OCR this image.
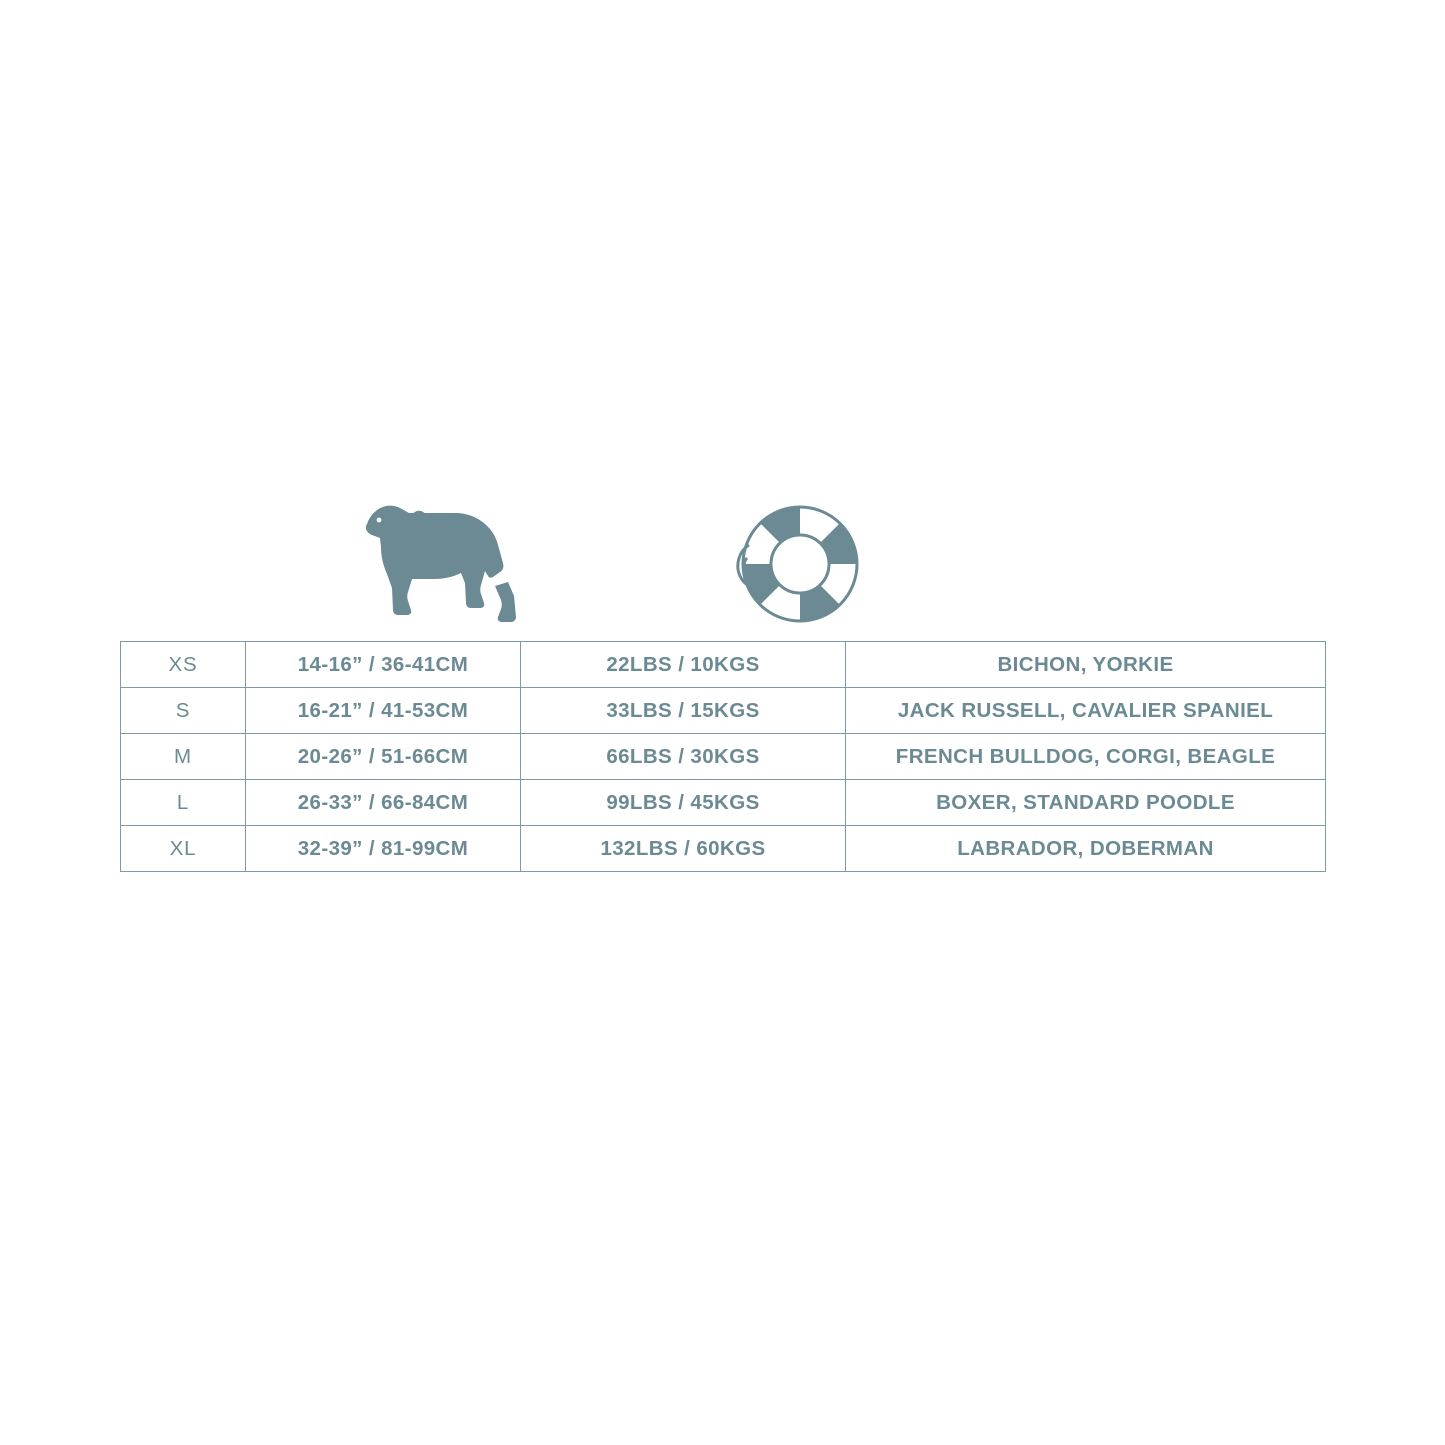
XS	14-16” / 36-41CM	22LBS / 10KGS	BICHON, YORKIE
S	16-21” / 41-53CM	33LBS / 15KGS	JACK RUSSELL, CAVALIER SPANIEL
M	20-26” / 51-66CM	66LBS / 30KGS	FRENCH BULLDOG, CORGI, BEAGLE
L	26-33” / 66-84CM	99LBS / 45KGS	BOXER, STANDARD POODLE
XL	32-39” / 81-99CM	132LBS / 60KGS	LABRADOR, DOBERMAN
